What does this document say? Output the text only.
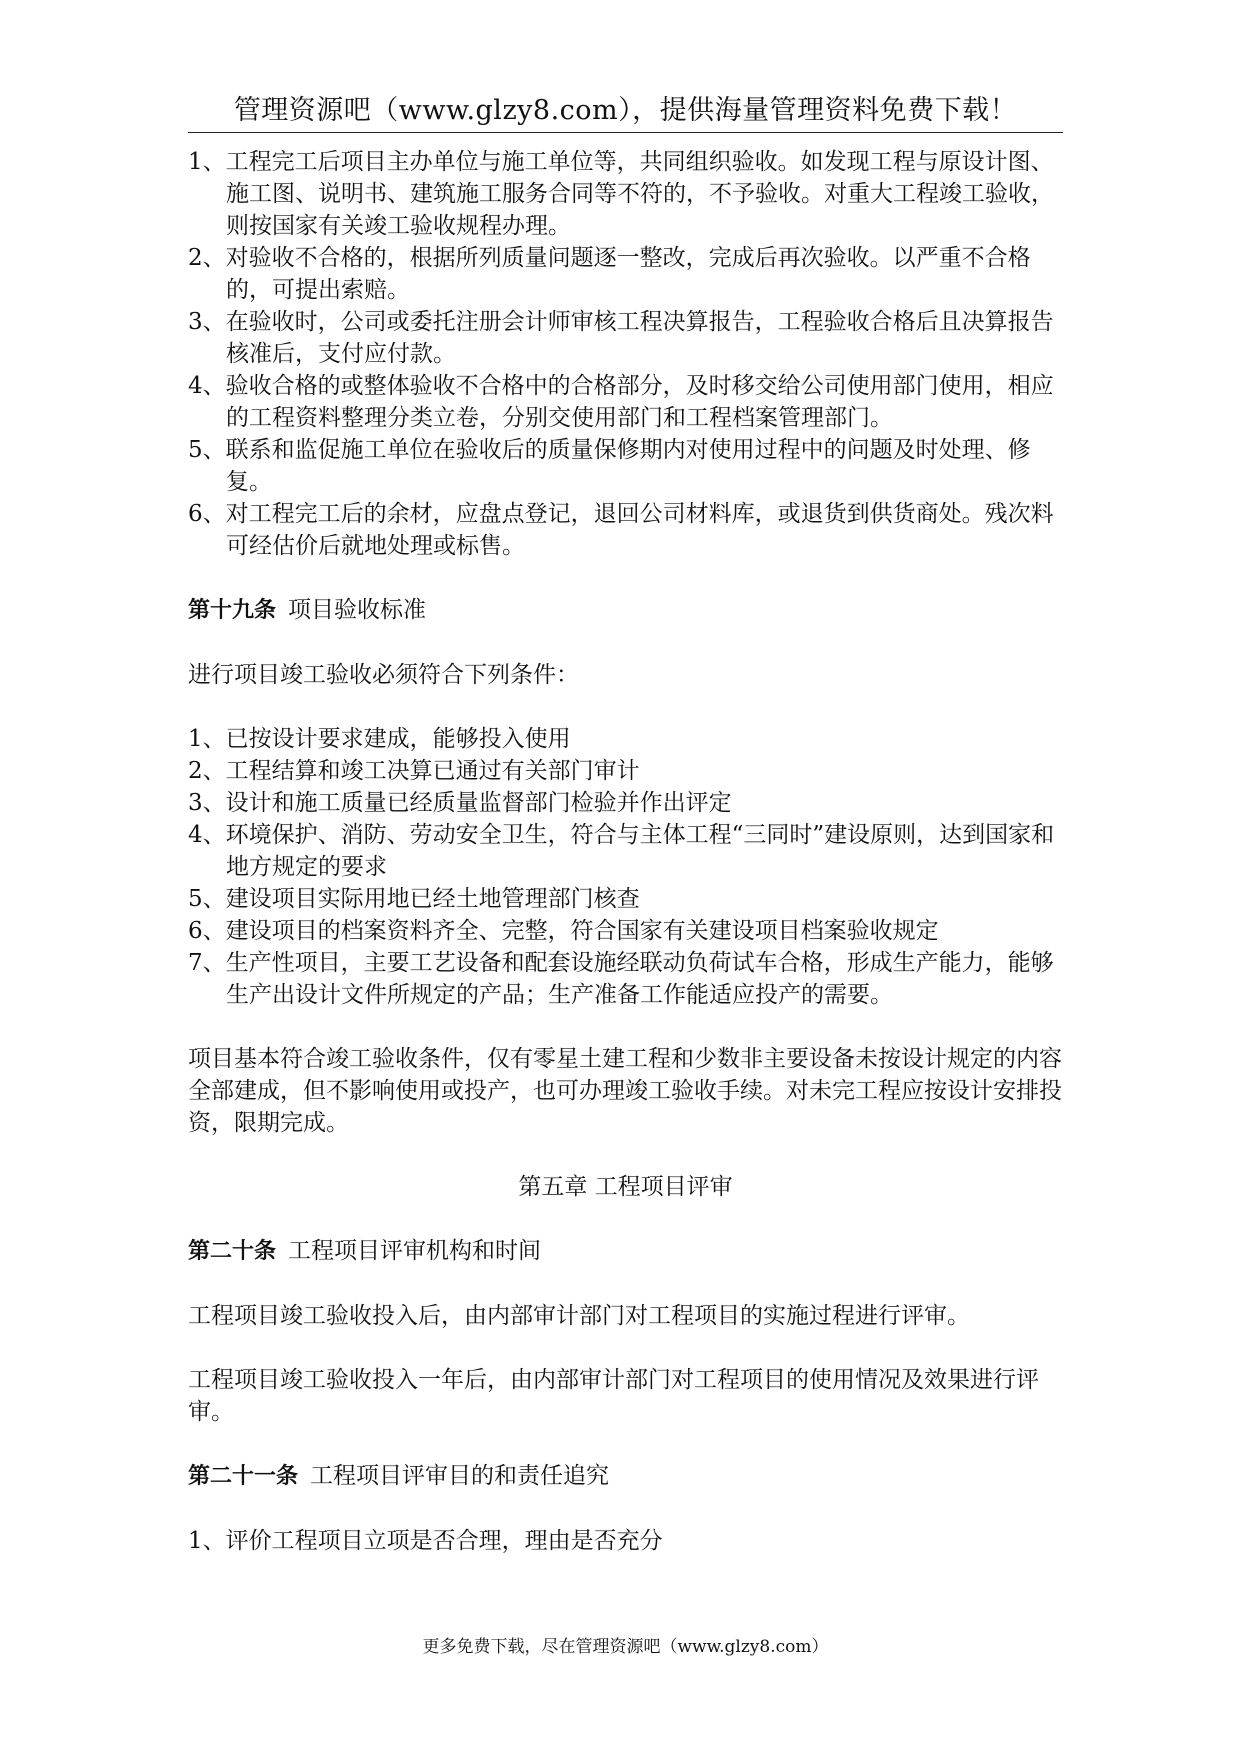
管理资源吧（www.glzy8.com），提供海量管理资料免费下载！

1、工程完工后项目主办单位与施工单位等，共同组织验收。如发现工程与原设计图、施工图、说明书、建筑施工服务合同等不符的，不予验收。对重大工程竣工验收，则按国家有关竣工验收规程办理。

2、对验收不合格的，根据所列质量问题逐一整改，完成后再次验收。以严重不合格的，可提出索赔。

3、在验收时，公司或委托注册会计师审核工程决算报告，工程验收合格后且决算报告核准后，支付应付款。

4、验收合格的或整体验收不合格中的合格部分，及时移交给公司使用部门使用，相应的工程资料整理分类立卷，分别交使用部门和工程档案管理部门。

5、联系和监促施工单位在验收后的质量保修期内对使用过程中的问题及时处理、修复。

6、对工程完工后的余材，应盘点登记，退回公司材料库，或退货到供货商处。残次料可经估价后就地处理或标售。

第十九条 项目验收标准

进行项目竣工验收必须符合下列条件：

1、已按设计要求建成，能够投入使用

2、工程结算和竣工决算已通过有关部门审计

3、设计和施工质量已经质量监督部门检验并作出评定

4、环境保护、消防、劳动安全卫生，符合与主体工程“三同时”建设原则，达到国家和地方规定的要求

5、建设项目实际用地已经土地管理部门核查

6、建设项目的档案资料齐全、完整，符合国家有关建设项目档案验收规定

7、生产性项目，主要工艺设备和配套设施经联动负荷试车合格，形成生产能力，能够生产出设计文件所规定的产品；生产准备工作能适应投产的需要。

项目基本符合竣工验收条件，仅有零星土建工程和少数非主要设备未按设计规定的内容全部建成，但不影响使用或投产，也可办理竣工验收手续。对未完工程应按设计安排投资，限期完成。

第五章 工程项目评审

第二十条 工程项目评审机构和时间

工程项目竣工验收投入后，由内部审计部门对工程项目的实施过程进行评审。

工程项目竣工验收投入一年后，由内部审计部门对工程项目的使用情况及效果进行评审。

第二十一条 工程项目评审目的和责任追究

1、评价工程项目立项是否合理，理由是否充分

更多免费下载，尽在管理资源吧（www.glzy8.com）
